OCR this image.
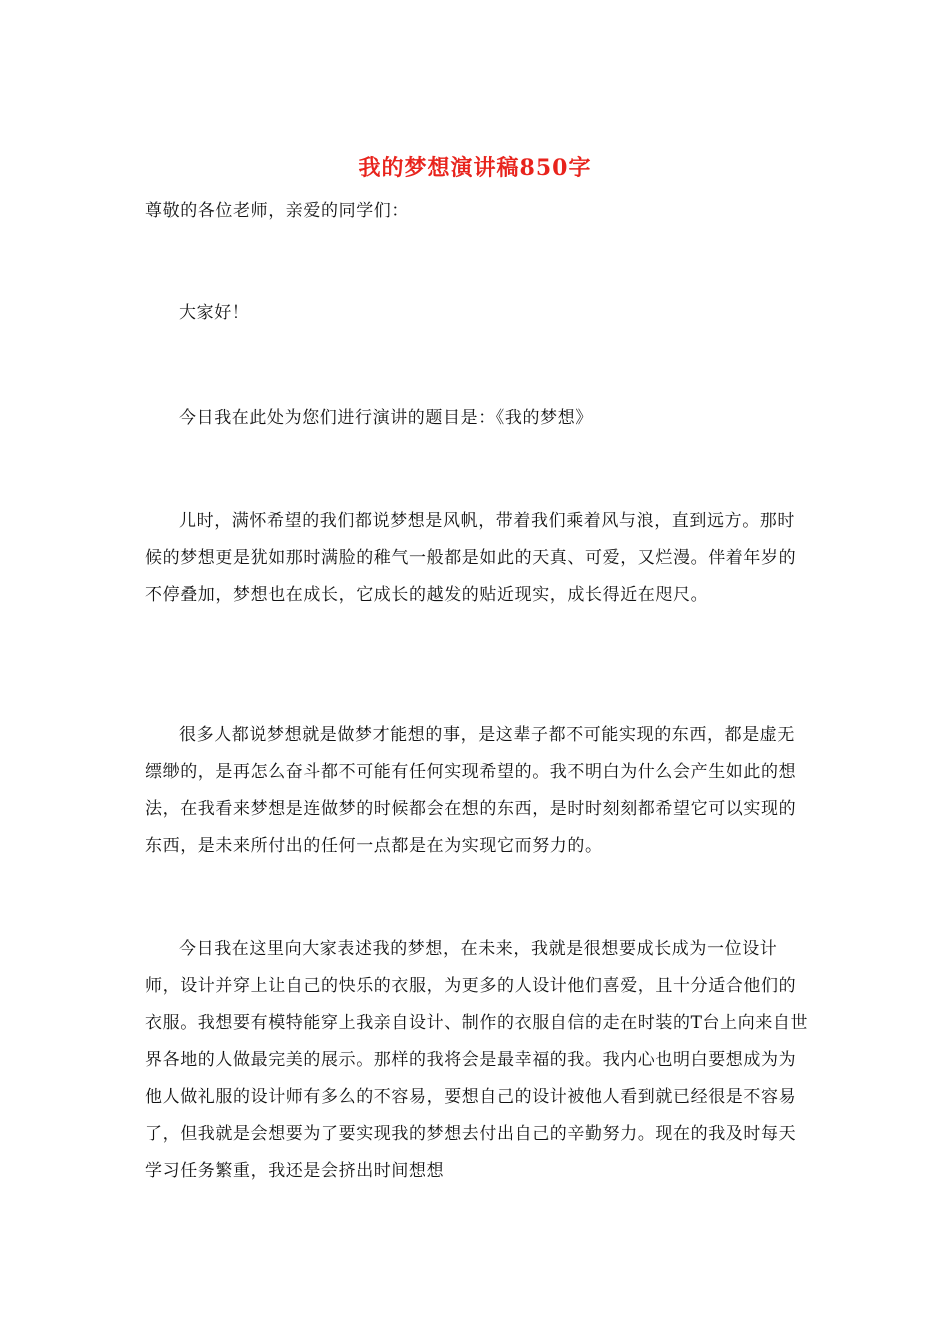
我的梦想演讲稿850字

尊敬的各位老师，亲爱的同学们：

大家好！

今日我在此处为您们进行演讲的题目是：《我的梦想》

儿时，满怀希望的我们都说梦想是风帆，带着我们乘着风与浪，直到远方。那时候的梦想更是犹如那时满脸的稚气一般都是如此的天真、可爱，又烂漫。伴着年岁的不停叠加，梦想也在成长，它成长的越发的贴近现实，成长得近在咫尺。

很多人都说梦想就是做梦才能想的事，是这辈子都不可能实现的东西，都是虚无缥缈的，是再怎么奋斗都不可能有任何实现希望的。我不明白为什么会产生如此的想法，在我看来梦想是连做梦的时候都会在想的东西，是时时刻刻都希望它可以实现的东西，是未来所付出的任何一点都是在为实现它而努力的。

今日我在这里向大家表述我的梦想，在未来，我就是很想要成长成为一位设计师，设计并穿上让自己的快乐的衣服，为更多的人设计他们喜爱，且十分适合他们的衣服。我想要有模特能穿上我亲自设计、制作的衣服自信的走在时装的T台上向来自世界各地的人做最完美的展示。那样的我将会是最幸福的我。我内心也明白要想成为为他人做礼服的设计师有多么的不容易，要想自己的设计被他人看到就已经很是不容易了，但我就是会想要为了要实现我的梦想去付出自己的辛勤努力。现在的我及时每天学习任务繁重，我还是会挤出时间想想
